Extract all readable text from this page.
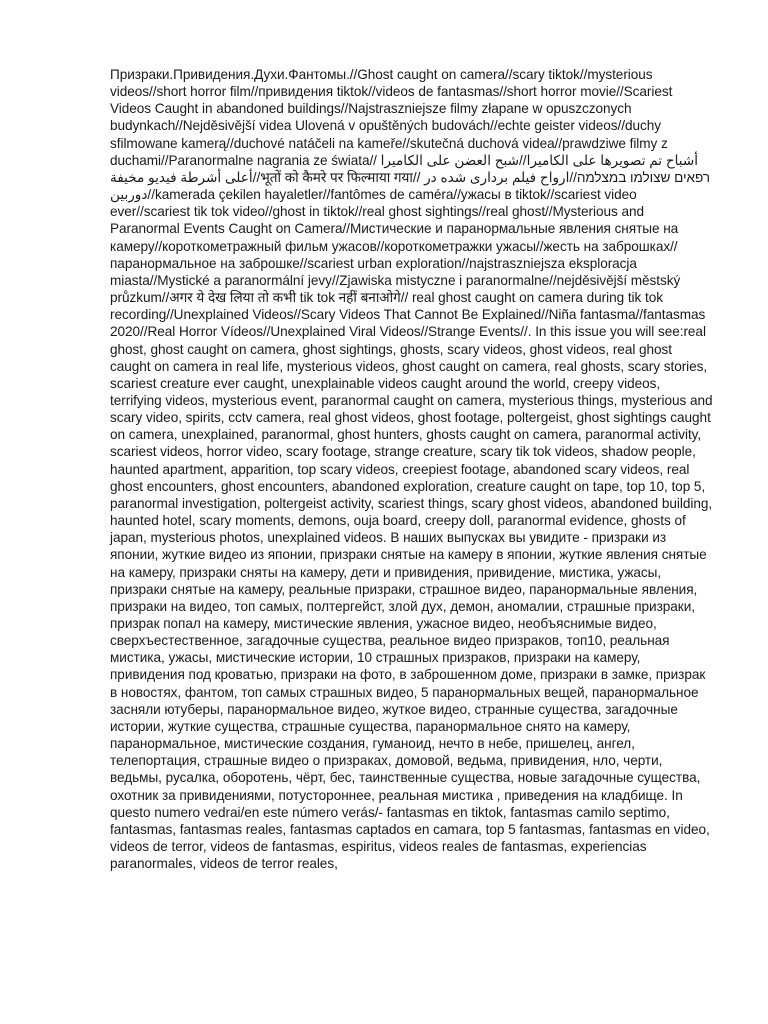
Призраки.Привидения.Духи.Фантомы.//Ghost caught on camera//scary tiktok//mysterious videos//short horror film//привидения tiktok//videos de fantasmas//short horror movie//Scariest Videos Caught in abandoned buildings//Najstraszniejsze filmy złapane w opuszczonych budynkach//Nejděsivější videa Ulovená v opuštěných budovách//echte geister videos//duchy sfilmowane kamerą//duchové natáčeli na kameře//skutečná duchová videa//prawdziwe filmy z duchami//Paranormalne nagrania ze świata// أشباح تم تصويرها على الكاميرا//شبح العضن على الكاميرا أعلى أشرطة فيديو مخيفة//भूतों को कैमरे पर फिल्माया गया// רפאים שצולמו במצלמה//ارواح فیلم برداری شده در دوربین//kamerada çekilen hayaletler//fantômes de caméra//ужасы в tiktok//scariest video ever//scariest tik tok video//ghost in tiktok//real ghost sightings//real ghost//Mysterious and Paranormal Events Caught on Camera//Мистические и паранормальные явления снятые на камеру//короткометражный фильм ужасов//короткометражки ужасы//жесть на заброшках//паранормальное на заброшке//scariest urban exploration//najstraszniejsza eksploracja miasta//Mystické a paranormální jevy//Zjawiska mistyczne i paranormalne//nejděsivější městský průzkum//अगर ये देख लिया तो कभी tik tok नहीं बनाओगे// real ghost caught on camera during tik tok recording//Unexplained Videos//Scary Videos That Cannot Be Explained//Niña fantasma//fantasmas 2020//Real Horror Vídeos//Unexplained Viral Videos//Strange Events//. In this issue you will see:real ghost, ghost caught on camera, ghost sightings, ghosts, scary videos, ghost videos, real ghost caught on camera in real life, mysterious videos, ghost caught on camera, real ghosts, scary stories, scariest creature ever caught, unexplainable videos caught around the world, creepy videos, terrifying videos, mysterious event, paranormal caught on camera, mysterious things, mysterious and scary video, spirits, cctv camera, real ghost videos, ghost footage, poltergeist, ghost sightings caught on camera, unexplained, paranormal, ghost hunters, ghosts caught on camera, paranormal activity, scariest videos, horror video, scary footage, strange creature, scary tik tok videos, shadow people, haunted apartment, apparition, top scary videos, creepiest footage, abandoned scary videos, real ghost encounters, ghost encounters, abandoned exploration, creature caught on tape, top 10, top 5, paranormal investigation, poltergeist activity, scariest things, scary ghost videos, abandoned building, haunted hotel, scary moments, demons, ouja board, creepy doll, paranormal evidence, ghosts of japan, mysterious photos, unexplained videos. В наших выпусках вы увидите - призраки из японии, жуткие видео из японии, призраки снятые на камеру в японии, жуткие явления снятые на камеру, призраки сняты на камеру, дети и привидения, привидение, мистика, ужасы, призраки снятые на камеру, реальные призраки, страшное видео, паранормальные явления, призраки на видео, топ самых, полтергейст, злой дух, демон, аномалии, страшные призраки, призрак попал на камеру, мистические явления, ужасное видео, необъяснимые видео, сверхъестественное, загадочные существа, реальное видео призраков, топ10, реальная мистика, ужасы, мистические истории, 10 страшных призраков, призраки на камеру, привидения под кроватью, призраки на фото, в заброшенном доме, призраки в замке, призрак в новостях, фантом, топ самых страшных видео, 5 паранормальных вещей, паранормальное засняли ютуберы, паранормальное видео, жуткое видео, странные существа, загадочные истории, жуткие существа, страшные существа, паранормальное снято на камеру, паранормальное, мистические создания, гуманоид, нечто в небе, пришелец, ангел, телепортация, страшные видео о призраках, домовой, ведьма, привидения, нло, черти, ведьмы, русалка, оборотень, чёрт, бес, таинственные существа, новые загадочные существа, охотник за привидениями, потустороннее, реальная мистика , приведения на кладбище. In questo numero vedrai/en este número verás/- fantasmas en tiktok, fantasmas camilo septimo, fantasmas, fantasmas reales, fantasmas captados en camara, top 5 fantasmas, fantasmas en video, videos de terror, videos de fantasmas, espiritus, videos reales de fantasmas, experiencias paranormales, videos de terror reales,
